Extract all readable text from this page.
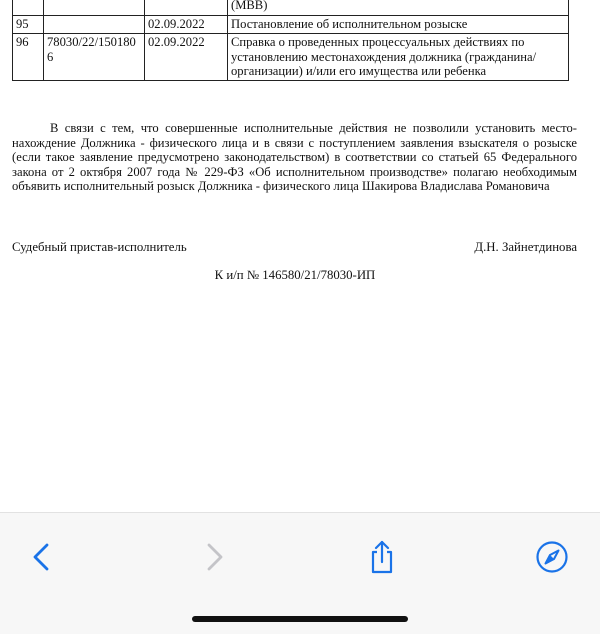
			(МВВ)
95		02.09.2022	Постановление об исполнительном розыске
96	78030/22/1501806	02.09.2022	Справка о проведенных процессуальных действиях по установлению местонахождения должника (гражданина/организации) и/или его имущества или ребенка
В связи с тем, что совершенные исполнительные действия не позволили установить местонахождение Должника - физического лица и в связи с поступлением заявления взыскателя о розыске (если такое заявление предусмотрено законодательством) в соответствии со статьей 65 Федерального закона от 2 октября 2007 года № 229-ФЗ «Об исполнительном производстве» полагаю необходимым объявить исполнительный розыск Должника - физического лица Шакирова Владислава Романовича
Судебный пристав-исполнитель	Д.Н. Зайнетдинова
К и/п № 146580/21/78030-ИП
